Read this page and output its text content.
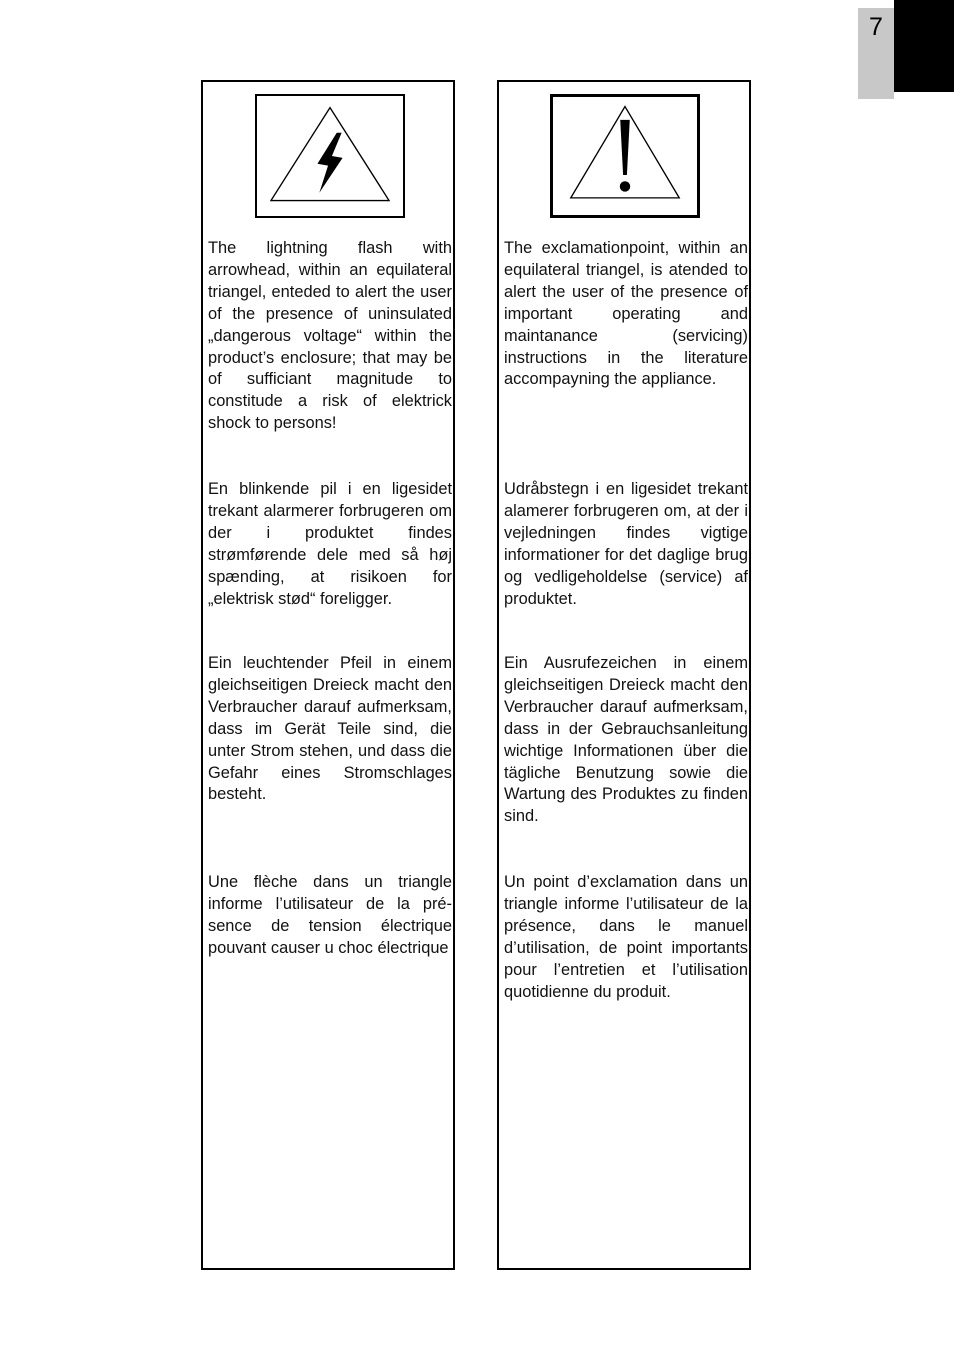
7

The lightning flash with arrowhead, within an equilateral triangel, enteded to alert the user of the presence of uninsulated „dangerous voltage“ within the product’s enclosure; that may be of sufficiant magnitude to constitude a risk of elektrick shock to persons!

En blinkende pil i en ligesidet trekant alarmerer forbrugeren om der i produktet findes strømførende dele med så høj spænding, at risikoen for „elektrisk stød“ foreligger.

Ein leuchtender Pfeil in einem gleichseitigen Dreieck macht den Verbraucher darauf aufmerksam, dass im Gerät Teile sind, die unter Strom stehen, und dass die Gefahr eines Stromschlages besteht.

Une flèche dans un triangle informe l’utilisateur de la présence de tension électrique pouvant causer u choc électrique

The exclamationpoint, within an equilateral triangel, is atended to alert the user of the presence of important operating and maintanance (servicing) instructions in the literature accompayning the appliance.

Udråbstegn i en ligesidet trekant alamerer forbrugeren om, at der i vejledningen findes vigtige informationer for det daglige brug og vedligeholdelse (service) af produktet.

Ein Ausrufezeichen in einem gleichseitigen Dreieck macht den Verbraucher darauf aufmerksam, dass in der Gebrauchsanleitung wichtige Informationen über die tägliche Benutzung sowie die Wartung des Produktes zu finden sind.

Un point d’exclamation dans un triangle informe l’utilisateur de la présence, dans le manuel d’utilisation, de point importants pour l’entretien et l’utilisation quotidienne du produit.
